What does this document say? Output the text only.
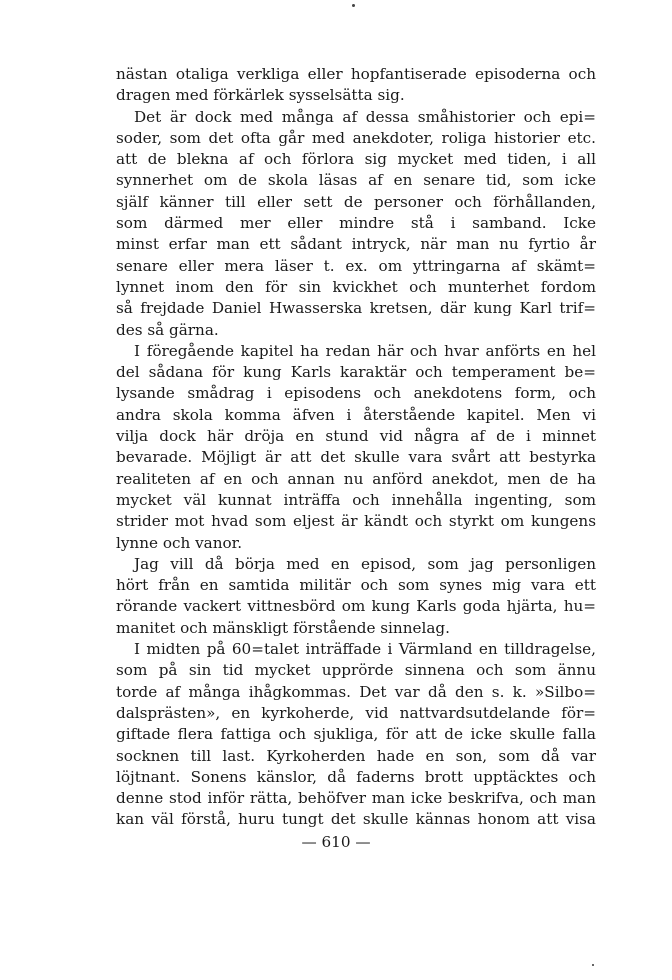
nästan otaliga verkliga eller hopfantiserade episoderna och
dragen med förkärlek sysselsätta sig.
Det är dock med många af dessa småhistorier och epi=
soder, som det ofta går med anekdoter, roliga historier etc.
att de blekna af och förlora sig mycket med tiden, i all
synnerhet om de skola läsas af en senare tid, som icke
själf känner till eller sett de personer och förhållanden,
som därmed mer eller mindre stå i samband. Icke
minst erfar man ett sådant intryck, när man nu fyrtio år
senare eller mera läser t. ex. om yttringarna af skämt=
lynnet inom den för sin kvickhet och munterhet fordom
så frejdade Daniel Hwasserska kretsen, där kung Karl trif=
des så gärna.
I föregående kapitel ha redan här och hvar anförts en hel
del sådana för kung Karls karaktär och temperament be=
lysande smådrag i episodens och anekdotens form, och
andra skola komma äfven i återstående kapitel. Men vi
vilja dock här dröja en stund vid några af de i minnet
bevarade. Möjligt är att det skulle vara svårt att bestyrka
realiteten af en och annan nu anförd anekdot, men de ha
mycket väl kunnat inträffa och innehålla ingenting, som
strider mot hvad som eljest är kändt och styrkt om kungens
lynne och vanor.
Jag vill då börja med en episod, som jag personligen
hört från en samtida militär och som synes mig vara ett
rörande vackert vittnesbörd om kung Karls goda hjärta, hu=
manitet och mänskligt förstående sinnelag.
I midten på 60=talet inträffade i Värmland en tilldragelse,
som på sin tid mycket upprörde sinnena och som ännu
torde af många ihågkommas. Det var då den s. k. »Silbo=
dalsprästen», en kyrkoherde, vid nattvardsutdelande för=
giftade flera fattiga och sjukliga, för att de icke skulle falla
socknen till last. Kyrkoherden hade en son, som då var
löjtnant. Sonens känslor, då faderns brott upptäcktes och
denne stod inför rätta, behöfver man icke beskrifva, och man
kan väl förstå, huru tungt det skulle kännas honom att visa
— 610 —
